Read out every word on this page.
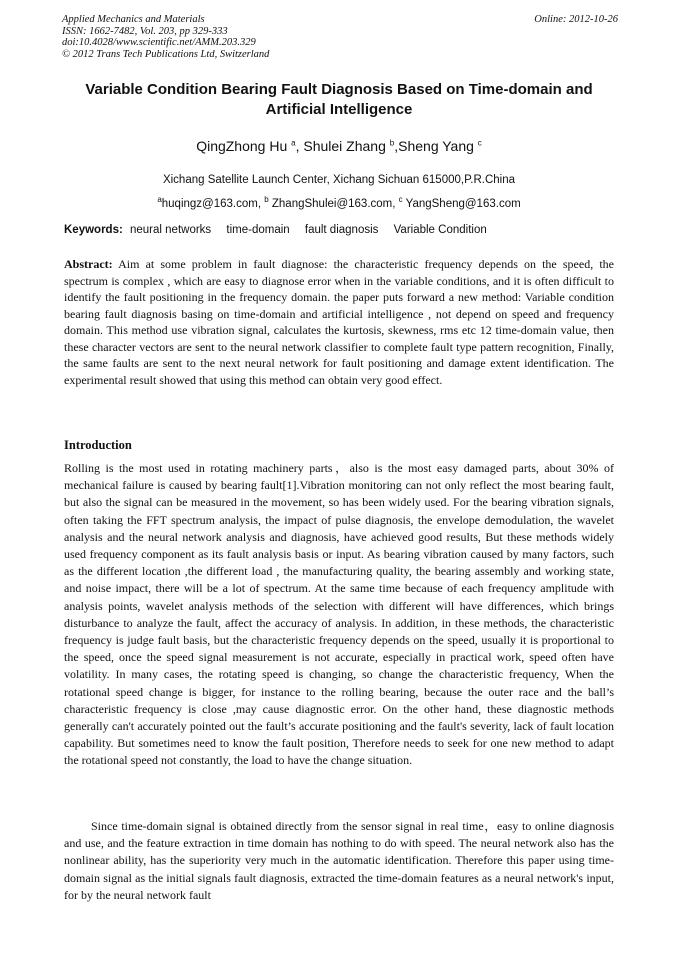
Applied Mechanics and Materials
ISSN: 1662-7482, Vol. 203, pp 329-333
doi:10.4028/www.scientific.net/AMM.203.329
© 2012 Trans Tech Publications Ltd, Switzerland
Online: 2012-10-26
Variable Condition Bearing Fault Diagnosis Based on Time-domain and
Artificial Intelligence
QingZhong Hu $^a$, Shulei Zhang $^b$,Sheng Yang $^c$
Xichang Satellite Launch Center, Xichang Sichuan 615000,P.R.China
$^a$huqingz@163.com, $^b$ ZhangShulei@163.com, $^c$ YangSheng@163.com
Keywords: neural networks time-domain fault diagnosis Variable Condition

Abstract: Aim at some problem in fault diagnose: the characteristic frequency depends on the speed, the spectrum is complex , which are easy to diagnose error when in the variable conditions, and it is often difficult to identify the fault positioning in the frequency domain. the paper puts forward a new method: Variable condition bearing fault diagnosis basing on time-domain and artificial intelligence , not depend on speed and frequency domain. This method use vibration signal, calculates the kurtosis, skewness, rms etc 12 time-domain value, then these character vectors are sent to the neural network classifier to complete fault type pattern recognition, Finally, the same faults are sent to the next neural network for fault positioning and damage extent identification. The experimental result showed that using this method can obtain very good effect.

Introduction

Rolling is the most used in rotating machinery parts，also is the most easy damaged parts, about 30% of mechanical failure is caused by bearing fault[1].Vibration monitoring can not only reflect the most bearing fault, but also the signal can be measured in the movement, so has been widely used. For the bearing vibration signals, often taking the FFT spectrum analysis, the impact of pulse diagnosis, the envelope demodulation, the wavelet analysis and the neural network analysis and diagnosis, have achieved good results, But these methods widely used frequency component as its fault analysis basis or input. As bearing vibration caused by many factors, such as the different location ,the different load , the manufacturing quality, the bearing assembly and working state, and noise impact, there will be a lot of spectrum. At the same time because of each frequency amplitude with analysis points, wavelet analysis methods of the selection with different will have differences, which brings disturbance to analyze the fault, affect the accuracy of analysis. In addition, in these methods, the characteristic frequency is judge fault basis, but the characteristic frequency depends on the speed, usually it is proportional to the speed, once the speed signal measurement is not accurate, especially in practical work, speed often have volatility. In many cases, the rotating speed is changing, so change the characteristic frequency, When the rotational speed change is bigger, for instance to the rolling bearing, because the outer race and the ball’s characteristic frequency is close ,may cause diagnostic error. On the other hand, these diagnostic methods generally can't accurately pointed out the fault’s accurate positioning and the fault's severity, lack of fault location capability. But sometimes need to know the fault position, Therefore needs to seek for one new method to adapt the rotational speed not constantly, the load to have the change situation.

Since time-domain signal is obtained directly from the sensor signal in real time，easy to online diagnosis and use, and the feature extraction in time domain has nothing to do with speed. The neural network also has the nonlinear ability, has the superiority very much in the automatic identification. Therefore this paper using time-domain signal as the initial signals fault diagnosis, extracted the time-domain features as a neural network's input, for by the neural network fault
